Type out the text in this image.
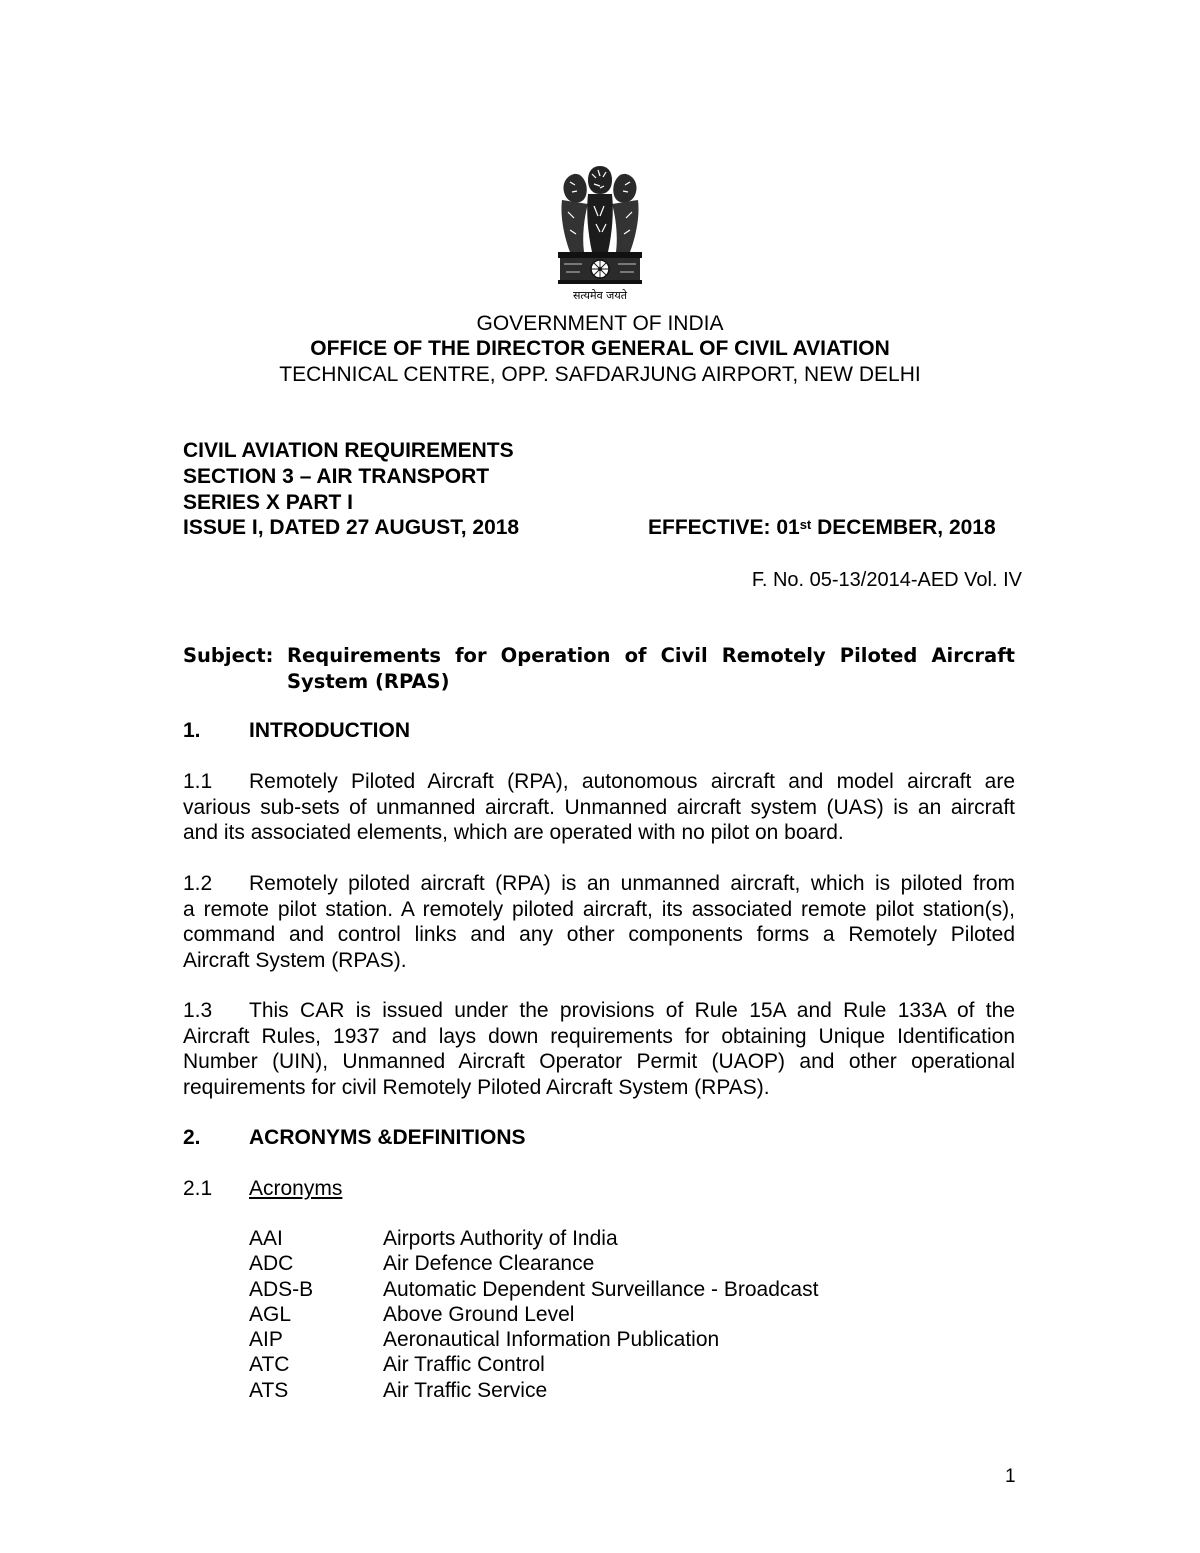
सत्यमेव जयते
GOVERNMENT OF INDIA
OFFICE OF THE DIRECTOR GENERAL OF CIVIL AVIATION
TECHNICAL CENTRE, OPP. SAFDARJUNG AIRPORT, NEW DELHI
CIVIL AVIATION REQUIREMENTS
SECTION 3 – AIR TRANSPORT
SERIES X PART I
ISSUE I, DATED 27 AUGUST, 2018	EFFECTIVE: 01st DECEMBER, 2018
F. No. 05-13/2014-AED Vol. IV
Subject: Requirements for Operation of Civil Remotely Piloted Aircraft
System (RPAS)
1. INTRODUCTION
1.1 Remotely Piloted Aircraft (RPA), autonomous aircraft and model aircraft are
various sub-sets of unmanned aircraft. Unmanned aircraft system (UAS) is an aircraft
and its associated elements, which are operated with no pilot on board.
1.2 Remotely piloted aircraft (RPA) is an unmanned aircraft, which is piloted from
a remote pilot station. A remotely piloted aircraft, its associated remote pilot station(s),
command and control links and any other components forms a Remotely Piloted
Aircraft System (RPAS).
1.3 This CAR is issued under the provisions of Rule 15A and Rule 133A of the
Aircraft Rules, 1937 and lays down requirements for obtaining Unique Identification
Number (UIN), Unmanned Aircraft Operator Permit (UAOP) and other operational
requirements for civil Remotely Piloted Aircraft System (RPAS).
2. ACRONYMS &DEFINITIONS
2.1 Acronyms
AAI	Airports Authority of India
ADC	Air Defence Clearance
ADS-B	Automatic Dependent Surveillance - Broadcast
AGL	Above Ground Level
AIP	Aeronautical Information Publication
ATC	Air Traffic Control
ATS	Air Traffic Service
1
